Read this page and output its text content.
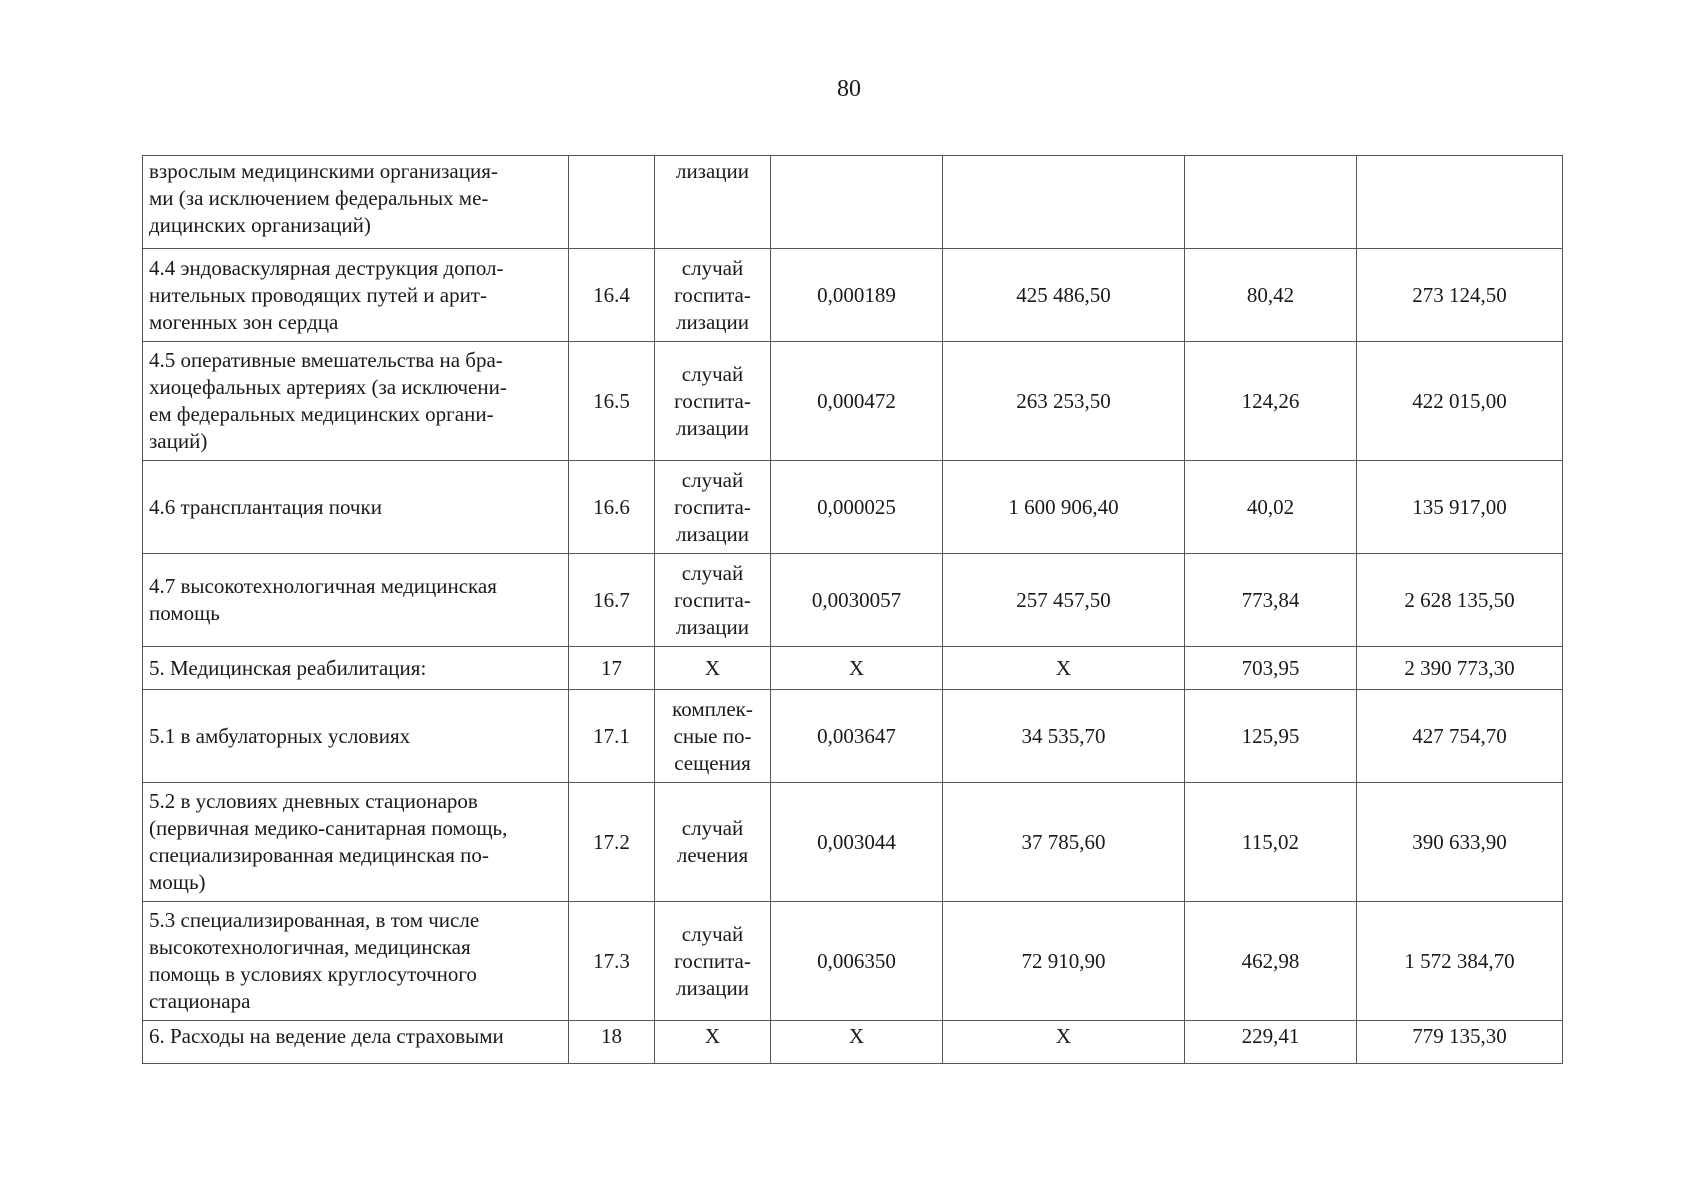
80
взрослым медицинскими организация-
ми (за исключением федеральных ме-
дицинских организаций)		лизации				

4.4 эндоваскулярная деструкция допол-
нительных проводящих путей и арит-
могенных зон сердца	16.4	случай
госпита-
лизации	0,000189	425 486,50	80,42	273 124,50

4.5 оперативные вмешательства на бра-
хиоцефальных артериях (за исключени-
ем федеральных медицинских органи-
заций)	16.5	случай
госпита-
лизации	0,000472	263 253,50	124,26	422 015,00

4.6 трансплантация почки	16.6	случай
госпита-
лизации	0,000025	1 600 906,40	40,02	135 917,00

4.7 высокотехнологичная медицинская
помощь	16.7	случай
госпита-
лизации	0,0030057	257 457,50	773,84	2 628 135,50

5. Медицинская реабилитация:	17	X	X	X	703,95	2 390 773,30

5.1 в амбулаторных условиях	17.1	комплек-
сные по-
сещения	0,003647	34 535,70	125,95	427 754,70

5.2 в условиях дневных стационаров
(первичная медико-санитарная помощь,
специализированная медицинская по-
мощь)	17.2	случай
лечения	0,003044	37 785,60	115,02	390 633,90

5.3 специализированная, в том числе
высокотехнологичная, медицинская
помощь в условиях круглосуточного
стационара	17.3	случай
госпита-
лизации	0,006350	72 910,90	462,98	1 572 384,70

6. Расходы на ведение дела страховыми	18	X	X	X	229,41	779 135,30
